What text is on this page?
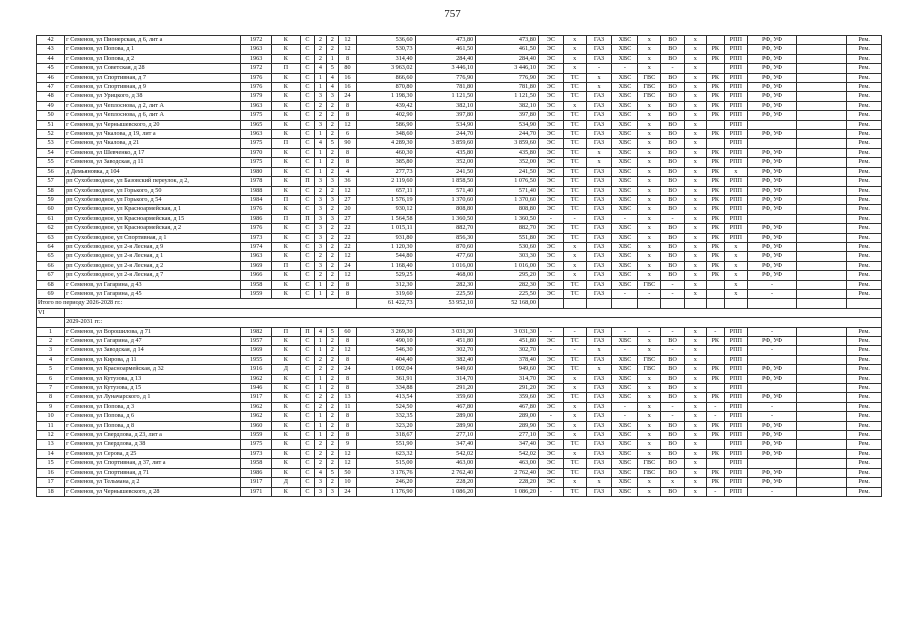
757
42	г Семенов, ул Пионерская, д 6, лит а	1972	К	С	2	2	12	536,60	473,80	473,80	ЭС	х	ГАЗ	ХВС	х	ВО	х		РПП	РФ, УФ		Рем.
43	г Семенов, ул Попова, д 1	1963	К	С	2	2	12	530,73	461,50	461,50	ЭС	х	ГАЗ	ХВС	х	ВО	х	РК	РПП	РФ, УФ		Рем.
44	г Семенов, ул Попова, д 2	1963	К	С	2	1	8	314,40	284,40	284,40	ЭС	х	ГАЗ	ХВС	х	ВО	х	РК	РПП	РФ, УФ		Рем.
45	г Семенов, ул Советская, д 28	1972	П	С	4	5	80	3 963,02	3 446,10	3 446,10	ЭС	х	-	-	х	-	х		РПП	РФ, УФ		Рем.
46	г Семенов, ул Спортивная, д 7	1976	К	С	1	4	16	866,60	776,90	776,90	ЭС	ТС	х	ХВС	ГВС	ВО	х	РК	РПП	РФ, УФ		Рем.
47	г Семенов, ул Спортивная, д 9	1976	К	С	1	4	16	870,80	781,80	781,80	ЭС	ТС	х	ХВС	ГВС	ВО	х	РК	РПП	РФ, УФ		Рем.
48	г Семенов, ул Урицкого, д 38	1979	К	С	3	3	24	1 198,30	1 121,50	1 121,50	ЭС	ТС	ГАЗ	ХВС	ГВС	ВО	х	РК	РПП	РФ, УФ		Рем.
49	г Семенов, ул Чеплоснова, д 2, лит А	1963	К	С	2	2	8	439,42	382,10	382,10	ЭС	х	ГАЗ	ХВС	х	ВО	х	РК	РПП	РФ, УФ		Рем.
50	г Семенов, ул Чеплоснова, д 6, лит А	1975	К	С	2	2	8	402,90	397,80	397,80	ЭС	ТС	ГАЗ	ХВС	х	ВО	х	РК	РПП	РФ, УФ		Рем.
51	г Семенов, ул Чернышевского, д 20	1965	К	С	3	2	12	586,90	534,90	534,90	ЭС	ТС	ГАЗ	ХВС	х	ВО	х		РПП			Рем.
52	г Семенов, ул Чкалова, д 19, лит а	1963	К	С	1	2	6	348,60	244,70	244,70	ЭС	ТС	ГАЗ	ХВС	х	ВО	х	РК	РПП	РФ, УФ		Рем.
53	г Семенов, ул Чкалова, д 21	1975	П	С	4	5	90	4 289,30	3 859,60	3 859,60	ЭС	ТС	ГАЗ	ХВС	х	ВО	х		РПП			Рем.
54	г Семенов, ул Шевченко, д 17	1970	К	С	1	2	8	460,30	435,80	435,80	ЭС	ТС	х	ХВС	х	ВО	х	РК	РПП	РФ, УФ		Рем.
55	г Семенов, ул Заводская, д 11	1975	К	С	1	2	8	385,80	352,00	352,00	ЭС	ТС	х	ХВС	х	ВО	х	РК	РПП	РФ, УФ		Рем.
56	д Демьяновка, д 104	1980	К	С	1	2	4	277,73	241,50	241,50	ЭС	ТС	ГАЗ	ХВС	х	ВО	х	РК	х	РФ, УФ		Рем.
57	рп Сухобезводное, ул Базовский переулок, д 2,	1978	К	П	3	3	36	2 119,60	1 858,50	1 076,50	ЭС	ТС	ГАЗ	ХВС	х	ВО	х	РК	РПП	РФ, УФ		Рем.
58	рп Сухобезводное, ул Горького, д 50	1988	К	С	2	2	12	657,11	571,40	571,40	ЭС	ТС	ГАЗ	ХВС	х	ВО	х	РК	РПП	РФ, УФ		Рем.
59	рп Сухобезводное, ул Горького, д 54	1984	П	С	3	3	27	1 576,19	1 370,60	1 370,60	ЭС	ТС	ГАЗ	ХВС	х	ВО	х	РК	РПП	РФ, УФ		Рем.
60	рп Сухобезводное, ул Красноармейская, д 1	1976	К	С	3	2	20	930,12	808,80	808,80	ЭС	ТС	ГАЗ	ХВС	х	ВО	х	РК	РПП	РФ, УФ		Рем.
61	рп Сухобезводное, ул Красноармейская, д 15	1986	П	П	3	3	27	1 564,58	1 360,50	1 360,50	-	-	ГАЗ	-	х	-	х	РК	РПП			Рем.
62	рп Сухобезводное, ул Красноармейская, д 2	1976	К	С	3	2	22	1 015,11	882,70	882,70	ЭС	ТС	ГАЗ	ХВС	х	ВО	х	РК	РПП	РФ, УФ		Рем.
63	рп Сухобезводное, ул Спортивная, д 1	1973	К	С	3	2	22	931,80	856,30	551,80	ЭС	ТС	ГАЗ	ХВС	х	ВО	х	РК	РПП	РФ, УФ		Рем.
64	рп Сухобезводное, ул 2-я Лесная, д 9	1974	К	С	3	2	22	1 120,30	870,60	530,60	ЭС	х	ГАЗ	ХВС	х	ВО	х	РК	х	РФ, УФ		Рем.
65	рп Сухобезводное, ул 2-я Лесная, д 1	1963	К	С	2	2	12	544,80	477,60	303,30	ЭС	х	ГАЗ	ХВС	х	ВО	х	РК	х	РФ, УФ		Рем.
66	рп Сухобезводное, ул 2-я Лесная, д 2	1969	П	С	3	2	24	1 168,40	1 016,00	1 016,00	ЭС	х	ГАЗ	ХВС	х	ВО	х	РК	х	РФ, УФ		Рем.
67	рп Сухобезводное, ул 2-я Лесная, д 7	1966	К	С	2	2	12	529,25	468,00	295,20	ЭС	х	ГАЗ	ХВС	х	ВО	х	РК	х	РФ, УФ		Рем.
68	г Семенов, ул Гагарина, д 43	1958	К	С	1	2	8	312,30	282,30	282,30	ЭС	ТС	ГАЗ	ХВС	ГВС	-	х		х	-		Рем.
69	г Семенов, ул Гагарина, д 45	1959	К	С	1	2	8	319,60	225,50	225,50	ЭС	ТС	ГАЗ	-	-	-	х		х	-		Рем.
Итого по периоду 2026-2028 гг.:								61 422,73	53 952,10	52 168,00												
VI																						
	2029-2031 гг.:																					
1	г Семенов, ул Ворошилова, д 71	1982	П	П	4	5	60	3 269,30	3 031,30	3 031,30	-	-	ГАЗ	-	-	-	х	-	РПП	-		Рем.
2	г Семенов, ул Гагарина, д 47	1957	К	С	1	2	8	490,10	451,80	451,80	ЭС	ТС	ГАЗ	ХВС	х	ВО	х	РК	РПП	РФ, УФ		Рем.
3	г Семенов, ул Заводская, д 14	1969	К	С	1	2	12	546,30	302,70	302,70	-	-	х	-	х	-	х		РПП	-		Рем.
4	г Семенов, ул Кирова, д 11	1955	К	С	2	2	8	404,40	382,40	378,40	ЭС	ТС	ГАЗ	ХВС	ГВС	ВО	х		РПП			Рем.
5	г Семенов, ул Красноармейская, д 32	1916	Д	С	2	2	24	1 092,04	949,60	949,60	ЭС	ТС	х	ХВС	ГВС	ВО	х	РК	РПП	РФ, УФ		Рем.
6	г Семенов, ул Кутузова, д 13	1962	К	С	1	2	8	361,91	314,70	314,70	ЭС	х	ГАЗ	ХВС	х	ВО	х	РК	РПП	РФ, УФ		Рем.
7	г Семенов, ул Кутузова, д 15	1946	К	С	1	2	8	334,88	291,20	291,20	ЭС	х	ГАЗ	ХВС	х	ВО	х		РПП			Рем.
8	г Семенов, ул Луначарского, д 1	1917	К	С	2	2	13	413,54	359,60	359,60	ЭС	ТС	ГАЗ	ХВС	х	ВО	х	РК	РПП	РФ, УФ		Рем.
9	г Семенов, ул Попова, д 3	1962	К	С	2	2	11	524,50	467,80	467,80	ЭС	х	ГАЗ	-	х	-	х	-	РПП	-		Рем.
10	г Семенов, ул Попова, д 6	1962	К	С	1	2	8	332,35	289,00	289,00	-	х	ГАЗ	-	х	-	х	-	РПП	-		Рем.
11	г Семенов, ул Попова, д 8	1960	К	С	1	2	8	323,20	289,90	289,90	ЭС	х	ГАЗ	ХВС	х	ВО	х	РК	РПП	РФ, УФ		Рем.
12	г Семенов, ул Свердлова, д 23, лит а	1959	К	С	1	2	8	318,67	277,10	277,10	ЭС	х	ГАЗ	ХВС	х	ВО	х	РК	РПП	РФ, УФ		Рем.
13	г Семенов, ул Свердлова, д 38	1975	К	С	2	2	9	551,90	347,40	347,40	ЭС	ТС	ГАЗ	ХВС	х	ВО	х		РПП	РФ, УФ		Рем.
14	г Семенов, ул Серова, д 25	1973	К	С	2	2	12	623,32	542,02	542,02	ЭС	х	ГАЗ	ХВС	х	ВО	х	РК	РПП	РФ, УФ		Рем.
15	г Семенов, ул Спортивная, д 37, лит а	1958	К	С	2	2	12	515,00	463,00	463,00	ЭС	ТС	ГАЗ	ХВС	ГВС	ВО	х		РПП			Рем.
16	г Семенов, ул Спортивная, д 71	1986	К	С	4	5	50	3 176,76	2 762,40	2 762,40	ЭС	ТС	ГАЗ	ХВС	ГВС	ВО	х	РК	РПП	РФ, УФ		Рем.
17	г Семенов, ул Тельмана, д 2	1917	Д	С	3	2	10	246,20	228,20	228,20	ЭС	х	х	ХВС	х	х	х	РК	РПП	РФ, УФ		Рем.
18	г Семенов, ул Чернышевского, д 28	1971	К	С	3	3	24	1 176,90	1 086,20	1 086,20	-	ТС	ГАЗ	ХВС	х	ВО	х	-	РПП	-		Рем.
